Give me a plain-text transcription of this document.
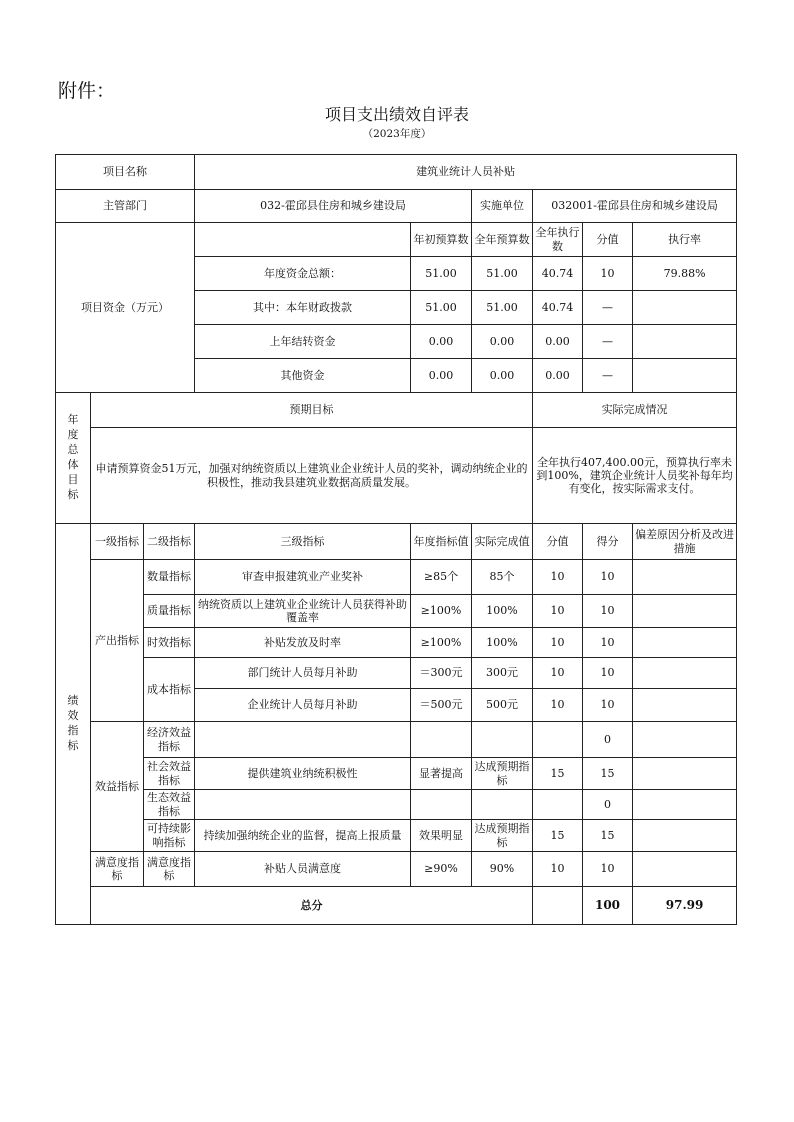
附件：
项目支出绩效自评表
（2023年度）
项目名称			建筑业统计人员补贴						
主管部门			032-霍邱县住房和城乡建设局		实施单位	032001-霍邱县住房和城乡建设局			
项目资金（万元）				年初预算数	全年预算数	全年执行数	分值	执行率	
			年度资金总额：	51.00	51.00	40.74	10	79.88%	
			其中：本年财政拨款	51.00	51.00	40.74	—		
			上年结转资金	0.00	0.00	0.00	—		
			其他资金	0.00	0.00	0.00	—		
年度总体目标	预期目标					实际完成情况			
	申请预算资金51万元，加强对纳统资质以上建筑业企业统计人员的奖补，调动纳统企业的积极性，推动我县建筑业数据高质量发展。					全年执行407,400.00元，预算执行率未到100%，建筑企业统计人员奖补每年均有变化，按实际需求支付。			
绩效指标	一级指标	二级指标	三级指标	年度指标值	实际完成值	分值	得分	偏差原因分析及改进措施	
	产出指标	数量指标	审查申报建筑业产业奖补	≥85个	85个	10	10		
		质量指标	纳统资质以上建筑业企业统计人员获得补助覆盖率	≥100%	100%	10	10		
		时效指标	补贴发放及时率	≥100%	100%	10	10		
		成本指标	部门统计人员每月补助	＝300元	300元	10	10		
			企业统计人员每月补助	＝500元	500元	10	10		
	效益指标	经济效益指标					0		
		社会效益指标	提供建筑业纳统积极性	显著提高	达成预期指标	15	15		
		生态效益指标					0		
		可持续影响指标	持续加强纳统企业的监督，提高上报质量	效果明显	达成预期指标	15	15		
	满意度指标	满意度指标	补贴人员满意度	≥90%	90%	10	10		
	总分						100	97.99	
